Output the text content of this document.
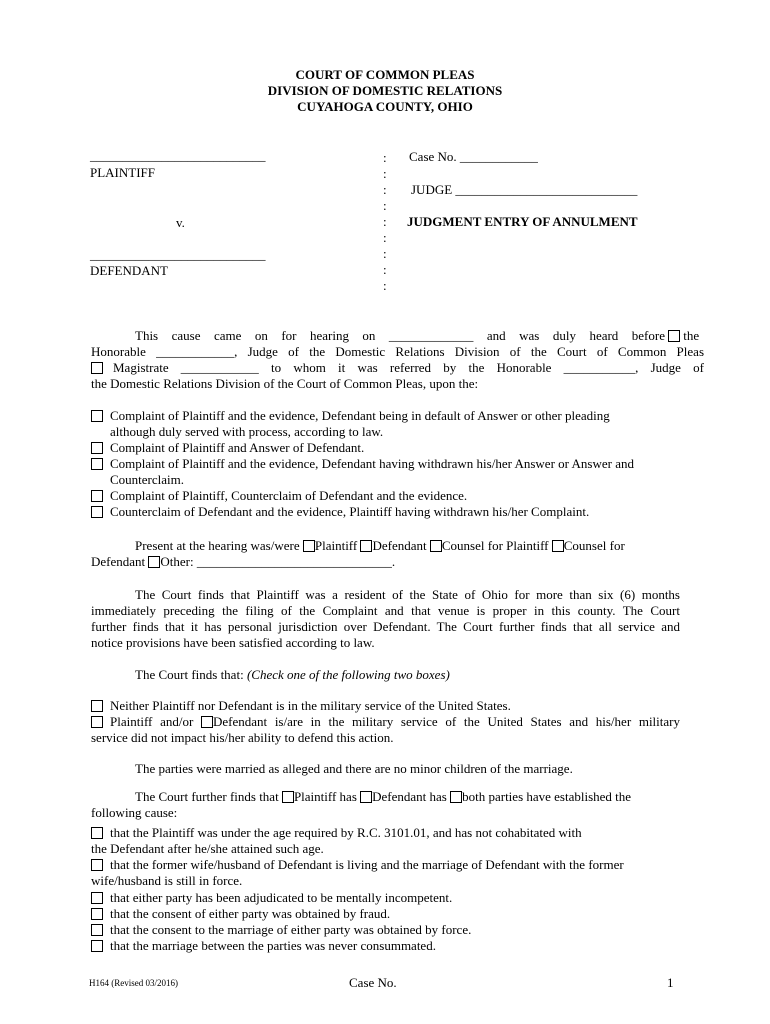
COURT OF COMMON PLEAS
DIVISION OF DOMESTIC RELATIONS
CUYAHOGA COUNTY, OHIO
___________________________
PLAINTIFF
v.
___________________________
DEFENDANT
:
:
:
:
:
:
:
:
:
Case No. ____________
JUDGE ____________________________
JUDGMENT ENTRY OF ANNULMENT
This cause came on for hearing on _____________ and was duly heard before	the
Honorable ____________, Judge of the Domestic Relations Division of the Court of Common Pleas
Magistrate ____________ to whom it was referred by the Honorable ___________, Judge of
the Domestic Relations Division of the Court of Common Pleas, upon the:
Complaint of Plaintiff and the evidence, Defendant being in default of Answer or other pleading
although duly served with process, according to law.
Complaint of Plaintiff and Answer of Defendant.
Complaint of Plaintiff and the evidence, Defendant having withdrawn his/her Answer or Answer and
Counterclaim.
Complaint of Plaintiff, Counterclaim of Defendant and the evidence.
Counterclaim of Defendant and the evidence, Plaintiff having withdrawn his/her Complaint.
Present at the hearing was/were Plaintiff Defendant Counsel for Plaintiff Counsel for
Defendant Other: ______________________________.
The Court finds that Plaintiff was a resident of the State of Ohio for more than six (6) months
immediately preceding the filing of the Complaint and that venue is proper in this county. The Court
further finds that it has personal jurisdiction over Defendant. The Court further finds that all service and
notice provisions have been satisfied according to law.
The Court finds that: (Check one of the following two boxes)
Neither Plaintiff nor Defendant is in the military service of the United States.
Plaintiff and/or Defendant is/are in the military service of the United States and his/her military
service did not impact his/her ability to defend this action.
The parties were married as alleged and there are no minor children of the marriage.
The Court further finds that Plaintiff has Defendant has both parties have established the
following cause:
that the Plaintiff was under the age required by R.C. 3101.01, and has not cohabitated with
the Defendant after he/she attained such age.
that the former wife/husband of Defendant is living and the marriage of Defendant with the former
wife/husband is still in force.
that either party has been adjudicated to be mentally incompetent.
that the consent of either party was obtained by fraud.
that the consent to the marriage of either party was obtained by force.
that the marriage between the parties was never consummated.
H164 (Revised 03/2016)	Case No.	1
